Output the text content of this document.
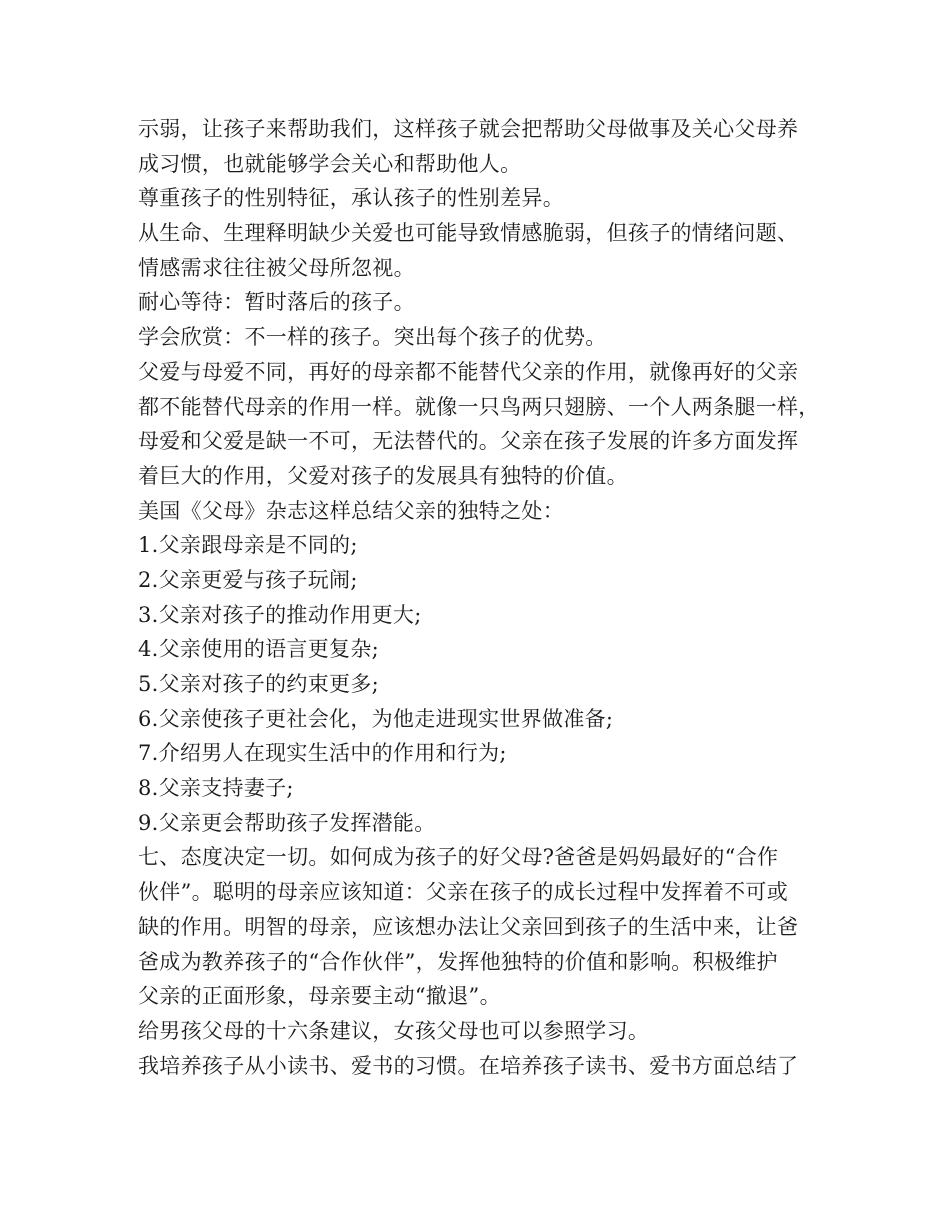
示弱，让孩子来帮助我们，这样孩子就会把帮助父母做事及关心父母养
成习惯，也就能够学会关心和帮助他人。
尊重孩子的性别特征，承认孩子的性别差异。
从生命、生理释明缺少关爱也可能导致情感脆弱，但孩子的情绪问题、
情感需求往往被父母所忽视。
耐心等待：暂时落后的孩子。
学会欣赏：不一样的孩子。突出每个孩子的优势。
父爱与母爱不同，再好的母亲都不能替代父亲的作用，就像再好的父亲
都不能替代母亲的作用一样。就像一只鸟两只翅膀、一个人两条腿一样，
母爱和父爱是缺一不可，无法替代的。父亲在孩子发展的许多方面发挥
着巨大的作用，父爱对孩子的发展具有独特的价值。
美国《父母》杂志这样总结父亲的独特之处：
1.父亲跟母亲是不同的;
2.父亲更爱与孩子玩闹;
3.父亲对孩子的推动作用更大;
4.父亲使用的语言更复杂;
5.父亲对孩子的约束更多;
6.父亲使孩子更社会化，为他走进现实世界做准备;
7.介绍男人在现实生活中的作用和行为;
8.父亲支持妻子;
9.父亲更会帮助孩子发挥潜能。
七、态度决定一切。如何成为孩子的好父母?爸爸是妈妈最好的“合作
伙伴”。聪明的母亲应该知道：父亲在孩子的成长过程中发挥着不可或
缺的作用。明智的母亲，应该想办法让父亲回到孩子的生活中来，让爸
爸成为教养孩子的“合作伙伴”，发挥他独特的价值和影响。积极维护
父亲的正面形象，母亲要主动“撤退”。
给男孩父母的十六条建议，女孩父母也可以参照学习。
我培养孩子从小读书、爱书的习惯。在培养孩子读书、爱书方面总结了
